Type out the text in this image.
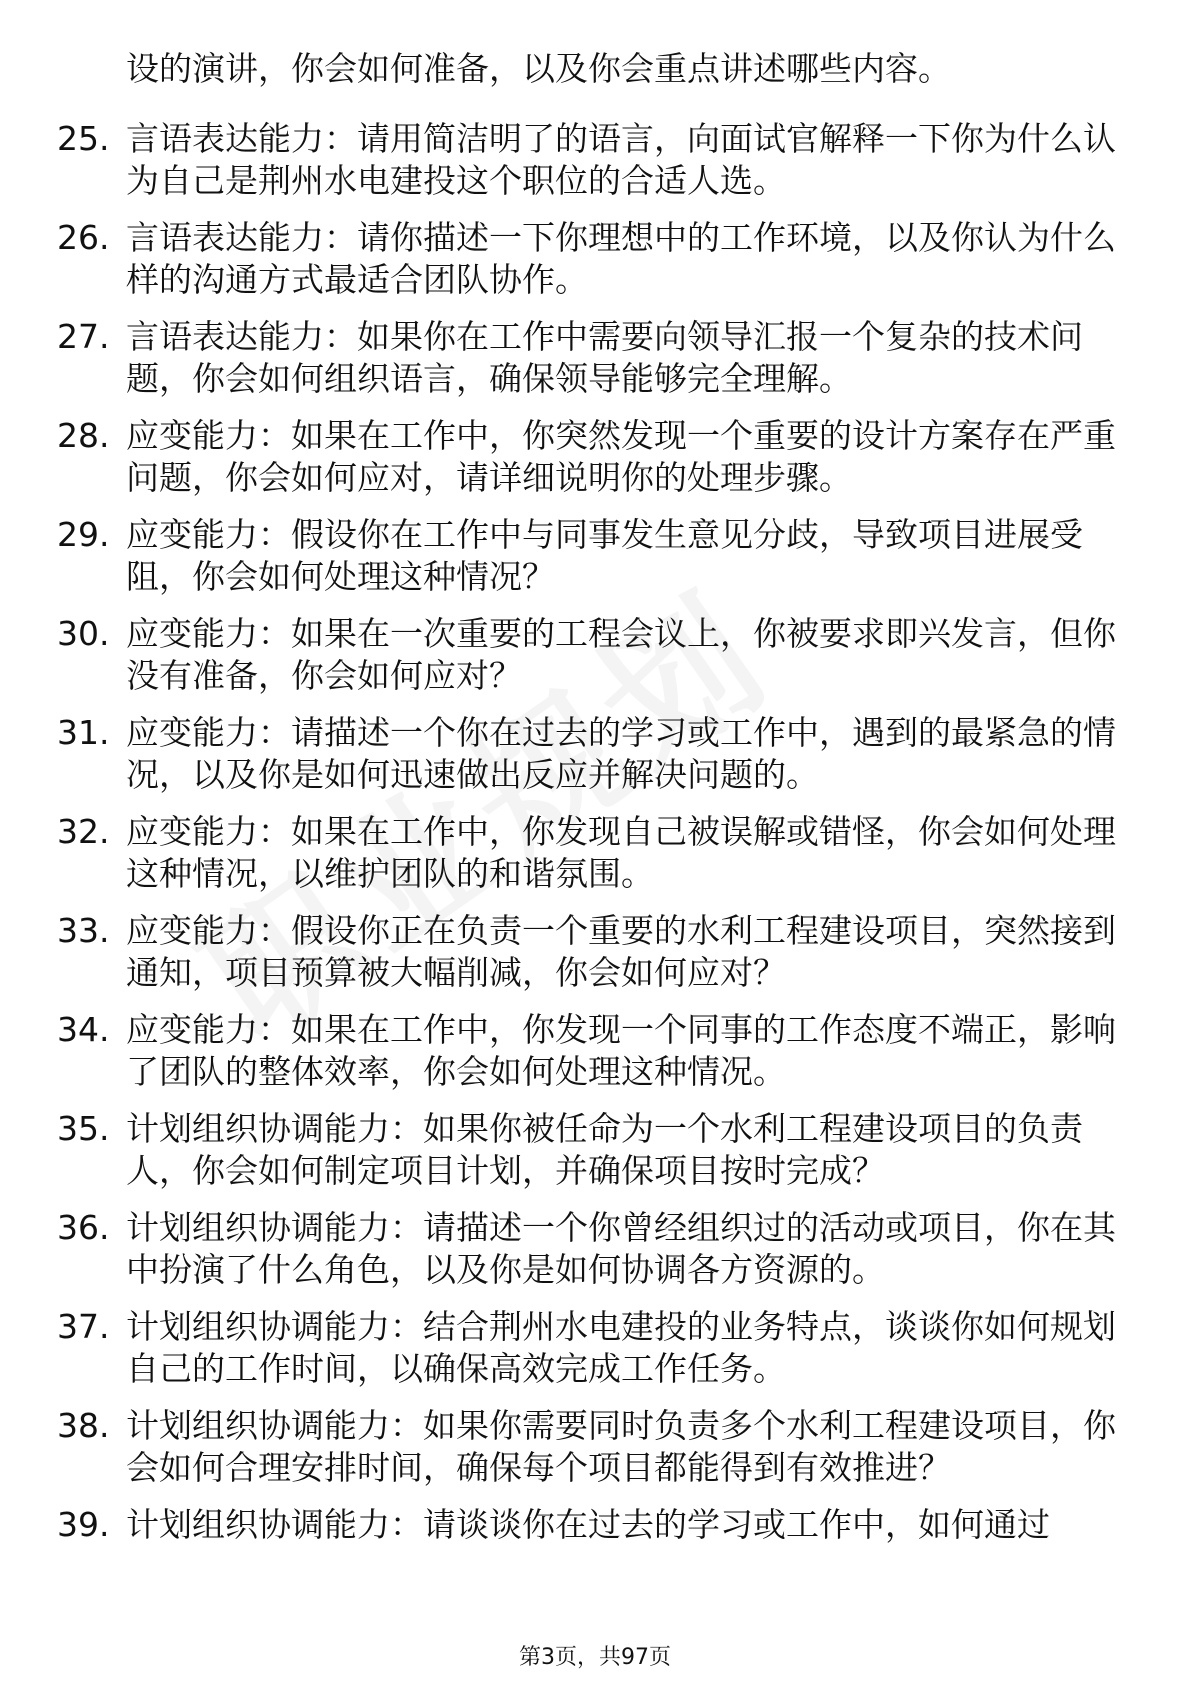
设的演讲，你会如何准备，以及你会重点讲述哪些内容。
25. 言语表达能力：请用简洁明了的语言，向面试官解释一下你为什么认为自己是荆州水电建投这个职位的合适人选。
26. 言语表达能力：请你描述一下你理想中的工作环境，以及你认为什么样的沟通方式最适合团队协作。
27. 言语表达能力：如果你在工作中需要向领导汇报一个复杂的技术问题，你会如何组织语言，确保领导能够完全理解。
28. 应变能力：如果在工作中，你突然发现一个重要的设计方案存在严重问题，你会如何应对，请详细说明你的处理步骤。
29. 应变能力：假设你在工作中与同事发生意见分歧，导致项目进展受阻，你会如何处理这种情况？
30. 应变能力：如果在一次重要的工程会议上，你被要求即兴发言，但你没有准备，你会如何应对？
31. 应变能力：请描述一个你在过去的学习或工作中，遇到的最紧急的情况，以及你是如何迅速做出反应并解决问题的。
32. 应变能力：如果在工作中，你发现自己被误解或错怪，你会如何处理这种情况，以维护团队的和谐氛围。
33. 应变能力：假设你正在负责一个重要的水利工程建设项目，突然接到通知，项目预算被大幅削减，你会如何应对？
34. 应变能力：如果在工作中，你发现一个同事的工作态度不端正，影响了团队的整体效率，你会如何处理这种情况。
35. 计划组织协调能力：如果你被任命为一个水利工程建设项目的负责人，你会如何制定项目计划，并确保项目按时完成？
36. 计划组织协调能力：请描述一个你曾经组织过的活动或项目，你在其中扮演了什么角色，以及你是如何协调各方资源的。
37. 计划组织协调能力：结合荆州水电建投的业务特点，谈谈你如何规划自己的工作时间，以确保高效完成工作任务。
38. 计划组织协调能力：如果你需要同时负责多个水利工程建设项目，你会如何合理安排时间，确保每个项目都能得到有效推进？
39. 计划组织协调能力：请谈谈你在过去的学习或工作中，如何通过
第3页，共97页
